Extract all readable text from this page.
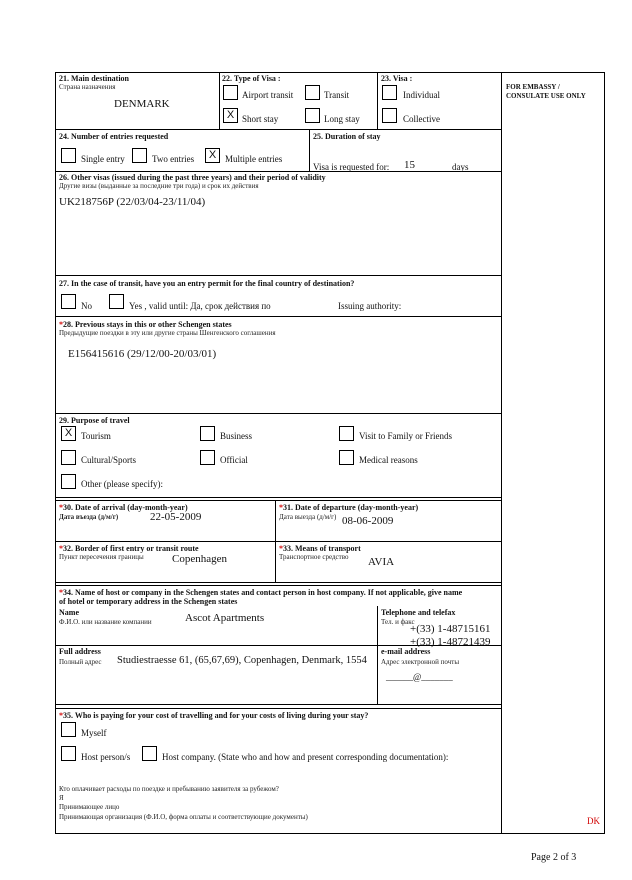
FOR EMBASSY /
CONSULATE USE ONLY
21. Main destination
Страна назначения
DENMARK
22. Type of Visa :
Airport transit	Transit
X Short stay	Long stay
23. Visa :
Individual
Collective
24. Number of entries requested
Single entry	Two entries	X Multiple entries
25. Duration of stay
Visa is requested for: 15	days
26. Other visas (issued during the past three years) and their period of validity
Другие визы (выданные за последние три года) и срок их действия
UK218756P (22/03/04-23/11/04)
27. In the case of transit, have you an entry permit for the final country of destination?
No	Yes , valid until: Да, срок действия по	Issuing authority:
*28. Previous stays in this or other Schengen states
Предыдущие поездки в эту или другие страны Шенгенского соглашения
E156415616 (29/12/00-20/03/01)
29. Purpose of travel
X Tourism	Business	Visit to Family or Friends
Cultural/Sports	Official	Medical reasons
Other (please specify):
*30. Date of arrival (day-month-year)
Дата въезда (д/м/г)	22-05-2009
*31. Date of departure (day-month-year)
Дата выезда (д/м/г) 08-06-2009
*32. Border of first entry or transit route
Пункт пересечения границы	Copenhagen
*33. Means of transport
Транспортное средство AVIA
*34. Name of host or company in the Schengen states and contact person in host company. If not applicable, give name
of hotel or temporary address in the Schengen states
Name
Ф.И.О. или название компании	Ascot Apartments	Telephone and telefax
Тел. и факс
+(33) 1-48715161
+(33) 1-48721439
Full address
Полный адрес Studiestraesse 61, (65,67,69), Copenhagen, Denmark, 1554
e-mail address
Адрес электронной почты
______@_______
*35. Who is paying for your cost of travelling and for your costs of living during your stay?
Myself
Host person/s	Host company. (State who and how and present corresponding documentation):
Кто оплачивает расходы по поездке и пребыванию заявителя за рубежом?
Я
Принимающее лицо
Принимающая организация (Ф.И.О, форма оплаты и соответствующие документы)	DK
Page 2 of 3
